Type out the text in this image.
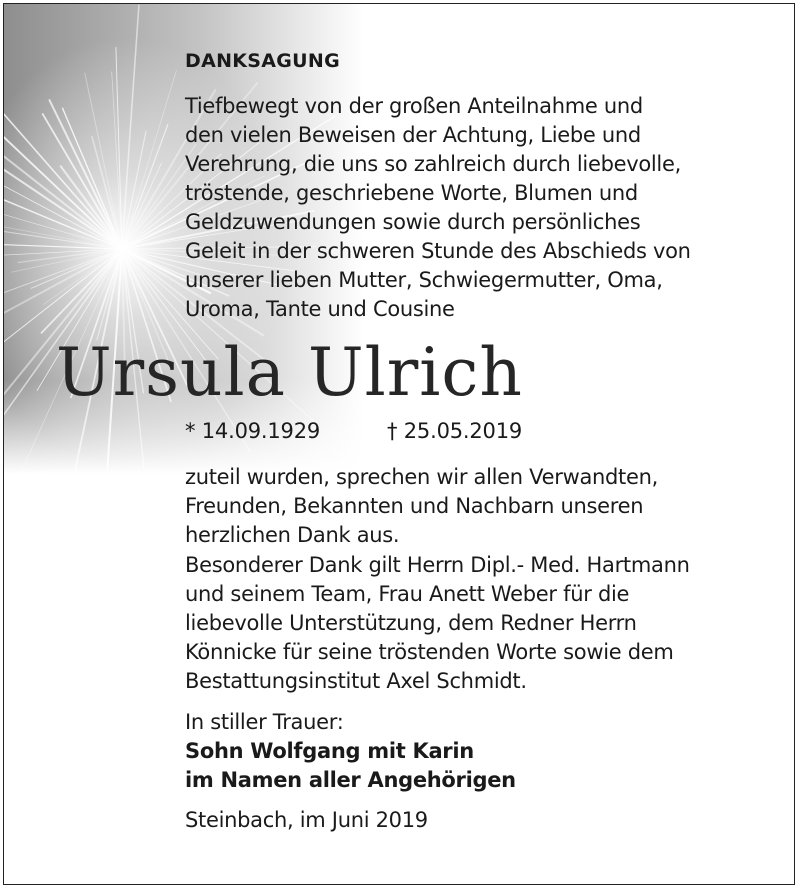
DANKSAGUNG

Tiefbewegt von der großen Anteilnahme und
den vielen Beweisen der Achtung, Liebe und
Verehrung, die uns so zahlreich durch liebevolle,
tröstende, geschriebene Worte, Blumen und
Geldzuwendungen sowie durch persönliches
Geleit in der schweren Stunde des Abschieds von
unserer lieben Mutter, Schwiegermutter, Oma,
Uroma, Tante und Cousine

Ursula Ulrich
* 14.09.1929	† 25.05.2019

zuteil wurden, sprechen wir allen Verwandten,
Freunden, Bekannten und Nachbarn unseren
herzlichen Dank aus.

Besonderer Dank gilt Herrn Dipl.- Med. Hartmann
und seinem Team, Frau Anett Weber für die
liebevolle Unterstützung, dem Redner Herrn
Könnicke für seine tröstenden Worte sowie dem
Bestattungsinstitut Axel Schmidt.

In stiller Trauer:

Sohn Wolfgang mit Karin

im Namen aller Angehörigen

Steinbach, im Juni 2019
